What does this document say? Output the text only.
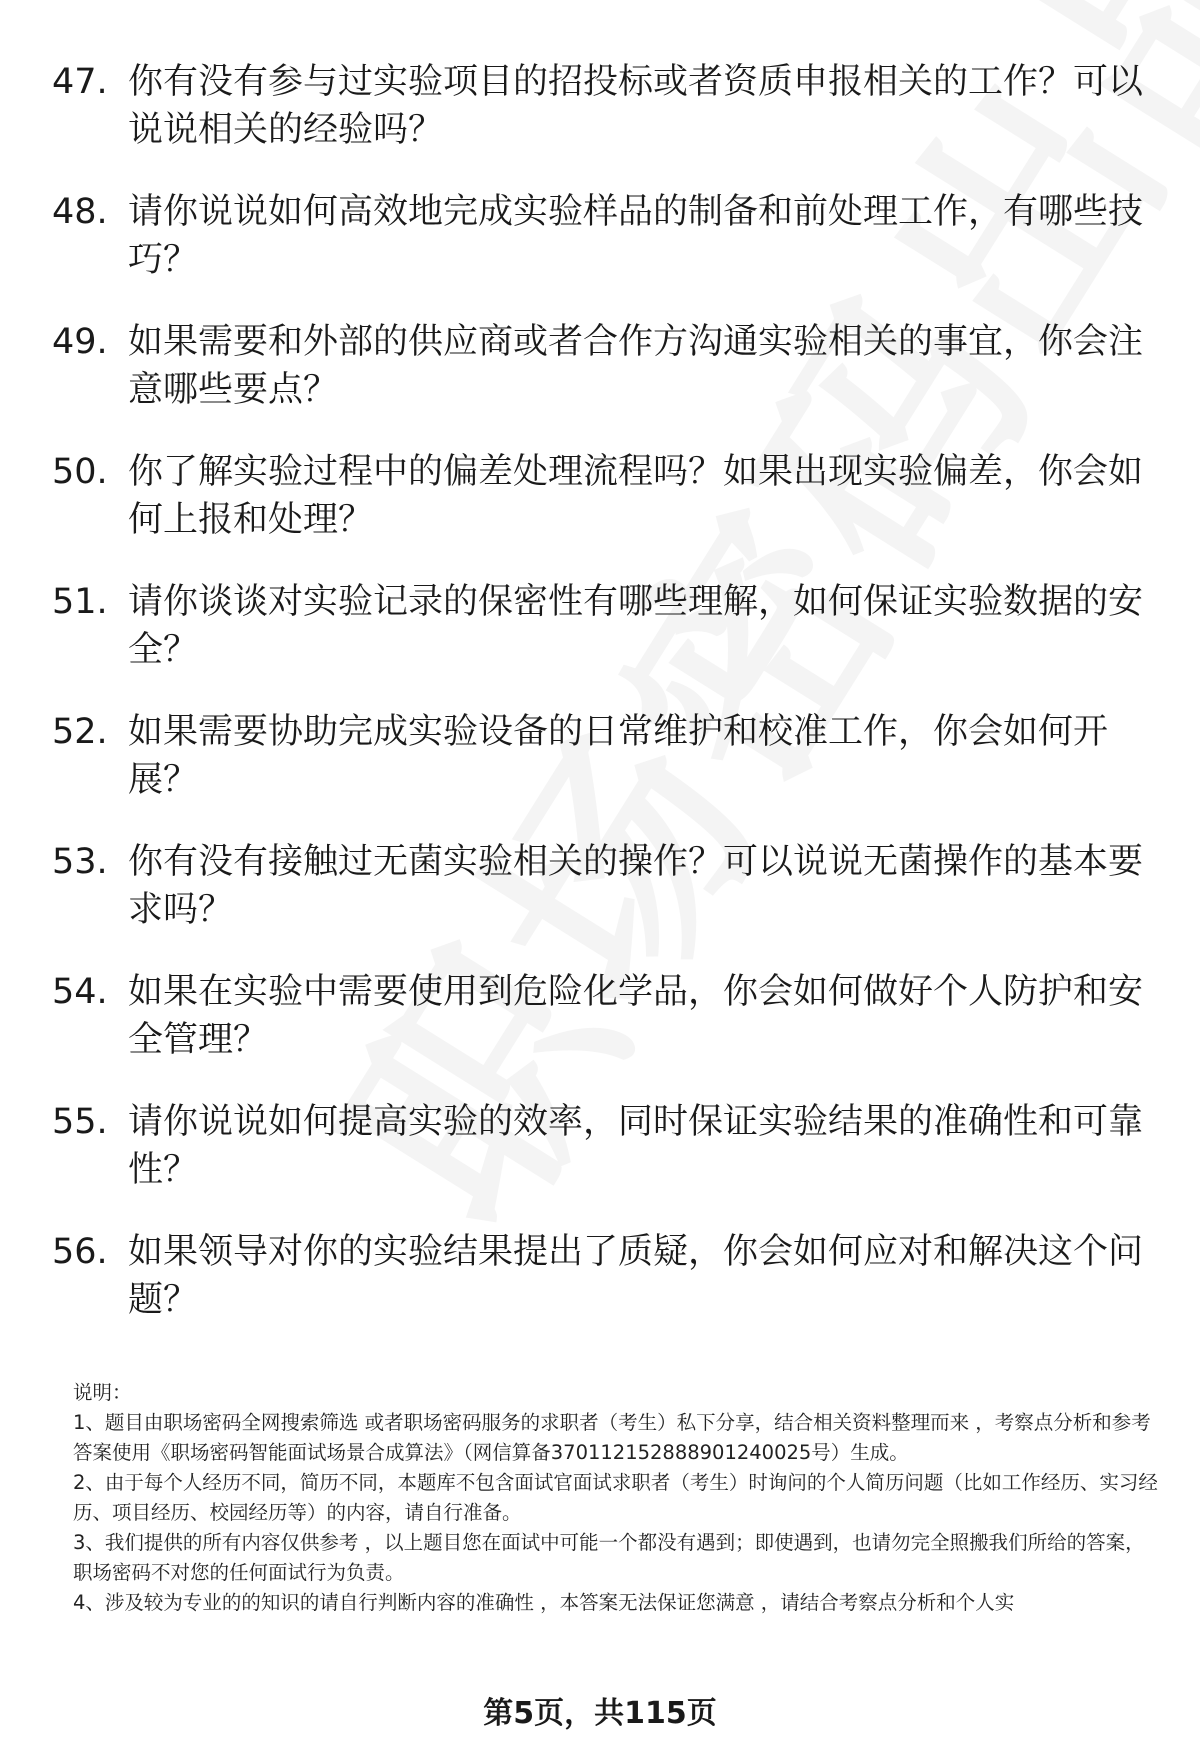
47. 你有没有参与过实验项目的招投标或者资质申报相关的工作？可以说说相关的经验吗？
48. 请你说说如何高效地完成实验样品的制备和前处理工作，有哪些技巧？
49. 如果需要和外部的供应商或者合作方沟通实验相关的事宜，你会注意哪些要点？
50. 你了解实验过程中的偏差处理流程吗？如果出现实验偏差，你会如何上报和处理？
51. 请你谈谈对实验记录的保密性有哪些理解，如何保证实验数据的安全？
52. 如果需要协助完成实验设备的日常维护和校准工作，你会如何开展？
53. 你有没有接触过无菌实验相关的操作？可以说说无菌操作的基本要求吗？
54. 如果在实验中需要使用到危险化学品，你会如何做好个人防护和安全管理？
55. 请你说说如何提高实验的效率，同时保证实验结果的准确性和可靠性？
56. 如果领导对你的实验结果提出了质疑，你会如何应对和解决这个问题？

说明：

1、题目由职场密码全网搜索筛选 或者职场密码服务的求职者（考生）私下分享，结合相关资料整理而来 ，考察点分析和参考答案使用《职场密码智能面试场景合成算法》（网信算备370112152888901240025号）生成。

2、由于每个人经历不同，简历不同，本题库不包含面试官面试求职者（考生）时询问的个人简历问题（比如工作经历、实习经历、项目经历、校园经历等）的内容，请自行准备。

3、我们提供的所有内容仅供参考 ，以上题目您在面试中可能一个都没有遇到；即使遇到，也请勿完全照搬我们所给的答案，职场密码不对您的任何面试行为负责。

4、涉及较为专业的的知识的请自行判断内容的准确性 ，本答案无法保证您满意 ，请结合考察点分析和个人实

第5页，共115页
